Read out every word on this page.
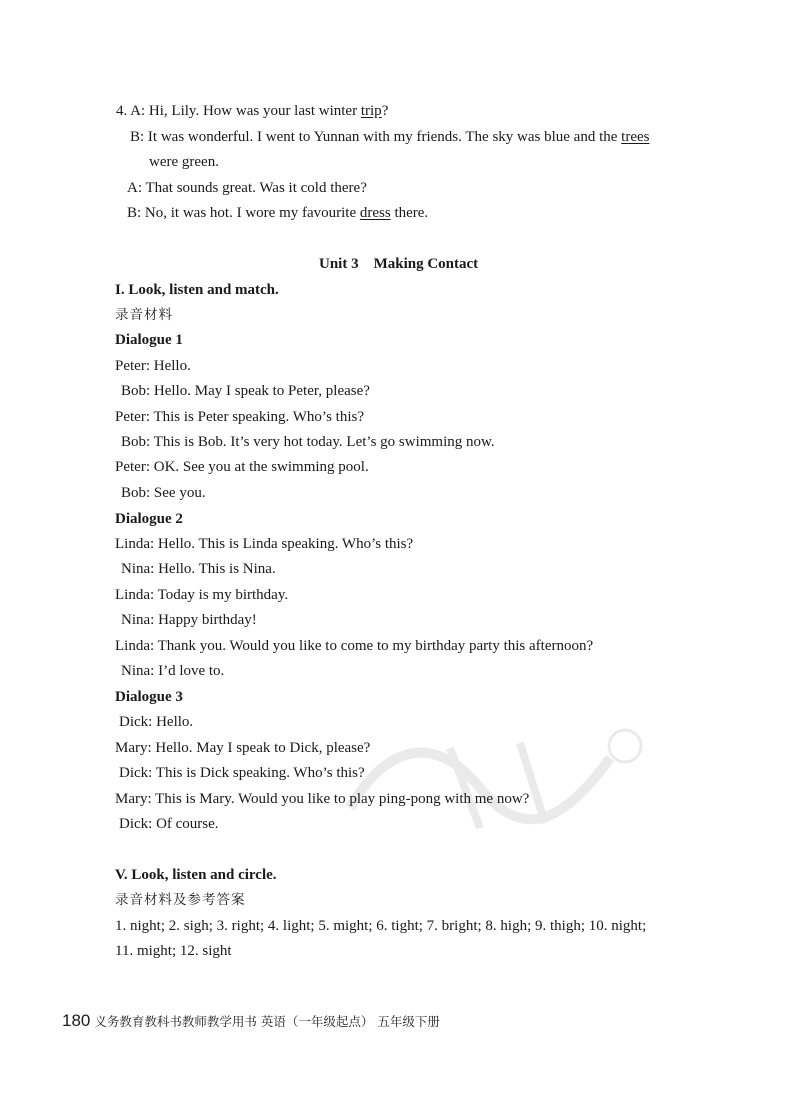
4. A: Hi, Lily. How was your last winter trip?
B: It was wonderful. I went to Yunnan with my friends. The sky was blue and the trees
were green.
A: That sounds great. Was it cold there?
B: No, it was hot. I wore my favourite dress there.
Unit 3    Making Contact
I. Look, listen and match.
录音材料
Dialogue 1
Peter: Hello.
Bob: Hello. May I speak to Peter, please?
Peter: This is Peter speaking. Who’s this?
Bob: This is Bob. It’s very hot today. Let’s go swimming now.
Peter: OK. See you at the swimming pool.
Bob: See you.
Dialogue 2
Linda: Hello. This is Linda speaking. Who’s this?
Nina: Hello. This is Nina.
Linda: Today is my birthday.
Nina: Happy birthday!
Linda: Thank you. Would you like to come to my birthday party this afternoon?
Nina: I’d love to.
Dialogue 3
Dick: Hello.
Mary: Hello. May I speak to Dick, please?
Dick: This is Dick speaking. Who’s this?
Mary: This is Mary. Would you like to play ping-pong with me now?
Dick: Of course.
V. Look, listen and circle.
录音材料及参考答案
1. night; 2. sigh; 3. right; 4. light; 5. might; 6. tight; 7. bright; 8. high; 9. thigh; 10. night;
11. might; 12. sight
180 义务教育教科书教师教学用书 英语（一年级起点） 五年级下册
